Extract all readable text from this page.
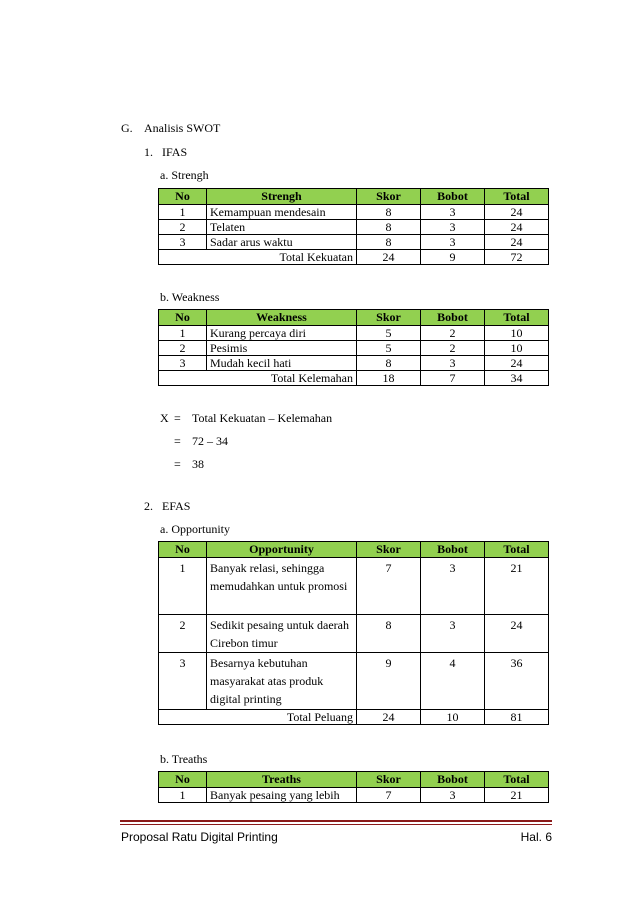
G. Analisis SWOT
1. IFAS
a. Strengh
No	Strengh	Skor	Bobot	Total
1	Kemampuan mendesain	8	3	24
2	Telaten	8	3	24
3	Sadar arus waktu	8	3	24
Total Kekuatan		24	9	72
b. Weakness
No	Weakness	Skor	Bobot	Total
1	Kurang percaya diri	5	2	10
2	Pesimis	5	2	10
3	Mudah kecil hati	8	3	24
Total Kelemahan		18	7	34
X = Total Kekuatan – Kelemahan
= 72 – 34
= 38
2. EFAS
a. Opportunity
No	Opportunity	Skor	Bobot	Total
1	Banyak relasi, sehingga memudahkan untuk promosi	7	3	21
2	Sedikit pesaing untuk daerah Cirebon timur	8	3	24
3	Besarnya kebutuhan masyarakat atas produk digital printing	9	4	36
Total Peluang		24	10	81
b. Treaths
No	Treaths	Skor	Bobot	Total
1	Banyak pesaing yang lebih	7	3	21
Proposal Ratu Digital Printing	Hal. 6
